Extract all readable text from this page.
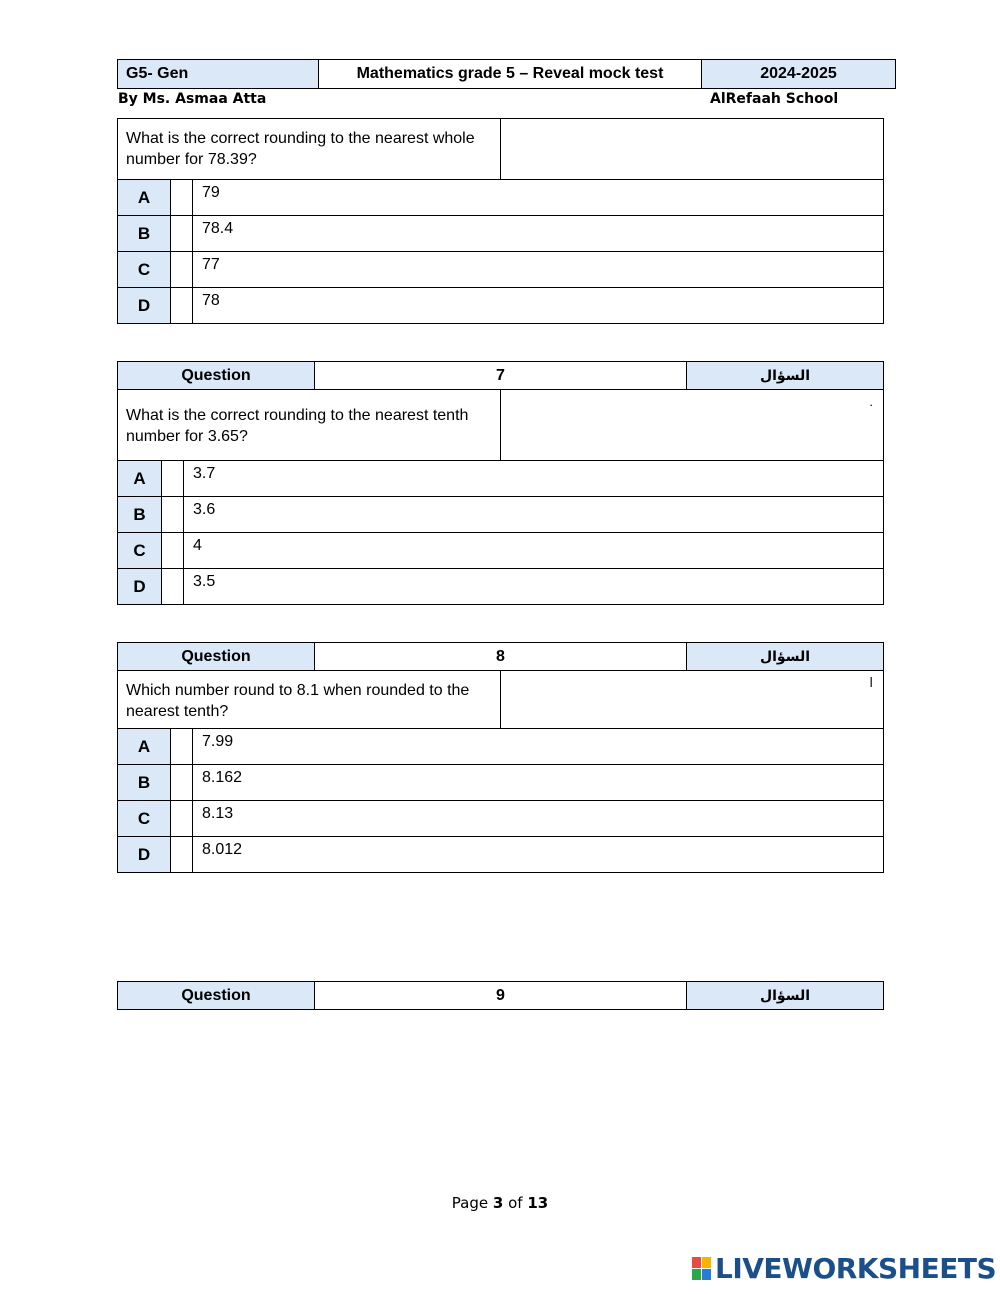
G5- Gen	Mathematics grade 5 – Reveal mock test	2024-2025
By Ms. Asmaa Atta	AlRefaah School
What is the correct rounding to the nearest whole number for 78.39?			
A		79	
B		78.4	
C		77	
D		78	
Question	7	السؤال
What is the correct rounding to the nearest tenth number for 3.65?			.
A		3.7	
B		3.6	
C		4	
D		3.5	
Question	8	السؤال
Which number round to 8.1 when rounded to the nearest tenth?			ا
A		7.99	
B		8.162	
C		8.13	
D		8.012	
Question	9	السؤال
Page 3 of 13
LIVEWORKSHEETS
